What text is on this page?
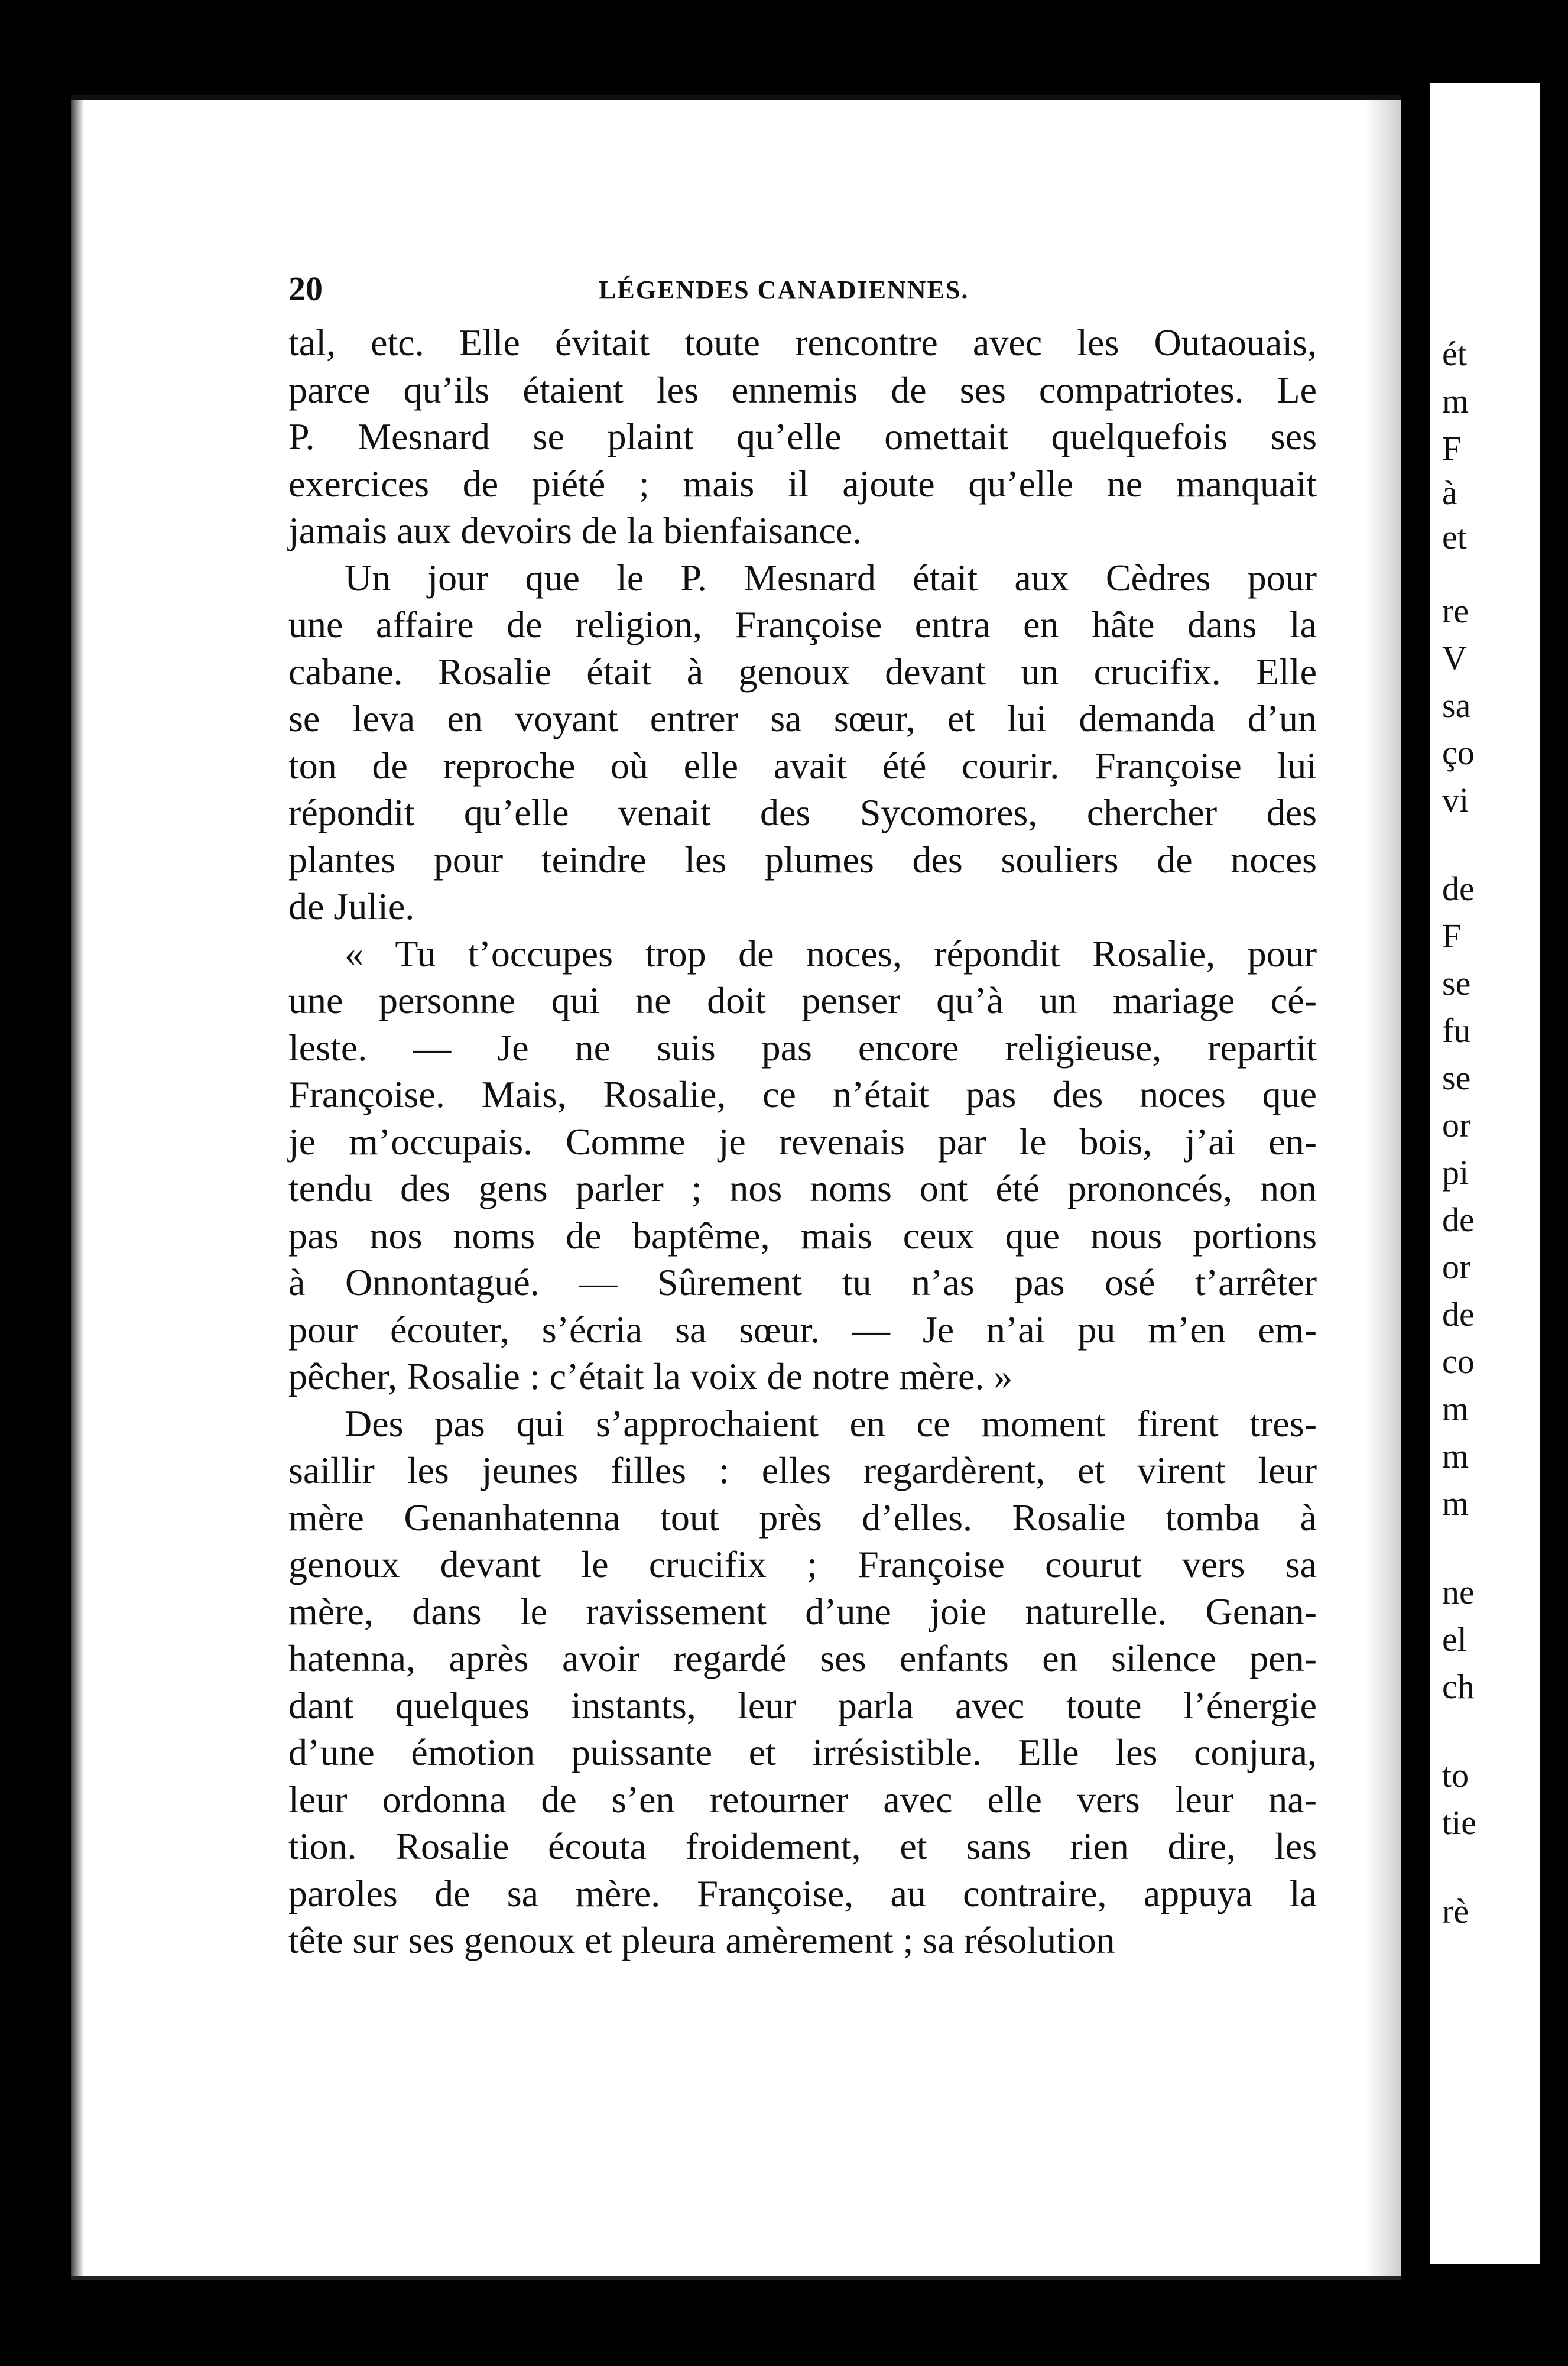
ét
m
F
à
et
re
V
sa
ço
vi
de
F
se
fu
se
or
pi
de
or
de
co
m
m
m
ne
el
ch
to
tie
rè
20	LÉGENDES CANADIENNES.
tal, etc. Elle évitait toute rencontre avec les Outaouais,
parce qu’ils étaient les ennemis de ses compatriotes. Le
P. Mesnard se plaint qu’elle omettait quelquefois ses
exercices de piété ; mais il ajoute qu’elle ne manquait
jamais aux devoirs de la bienfaisance.
Un jour que le P. Mesnard était aux Cèdres pour
une affaire de religion, Françoise entra en hâte dans la
cabane. Rosalie était à genoux devant un crucifix. Elle
se leva en voyant entrer sa sœur, et lui demanda d’un
ton de reproche où elle avait été courir. Françoise lui
répondit qu’elle venait des Sycomores, chercher des
plantes pour teindre les plumes des souliers de noces
de Julie.
« Tu t’occupes trop de noces, répondit Rosalie, pour
une personne qui ne doit penser qu’à un mariage cé-
leste. — Je ne suis pas encore religieuse, repartit
Françoise. Mais, Rosalie, ce n’était pas des noces que
je m’occupais. Comme je revenais par le bois, j’ai en-
tendu des gens parler ; nos noms ont été prononcés, non
pas nos noms de baptême, mais ceux que nous portions
à Onnontagué. — Sûrement tu n’as pas osé t’arrêter
pour écouter, s’écria sa sœur. — Je n’ai pu m’en em-
pêcher, Rosalie : c’était la voix de notre mère. »
Des pas qui s’approchaient en ce moment firent tres-
saillir les jeunes filles : elles regardèrent, et virent leur
mère Genanhatenna tout près d’elles. Rosalie tomba à
genoux devant le crucifix ; Françoise courut vers sa
mère, dans le ravissement d’une joie naturelle. Genan-
hatenna, après avoir regardé ses enfants en silence pen-
dant quelques instants, leur parla avec toute l’énergie
d’une émotion puissante et irrésistible. Elle les conjura,
leur ordonna de s’en retourner avec elle vers leur na-
tion. Rosalie écouta froidement, et sans rien dire, les
paroles de sa mère. Françoise, au contraire, appuya la
tête sur ses genoux et pleura amèrement ; sa résolution
